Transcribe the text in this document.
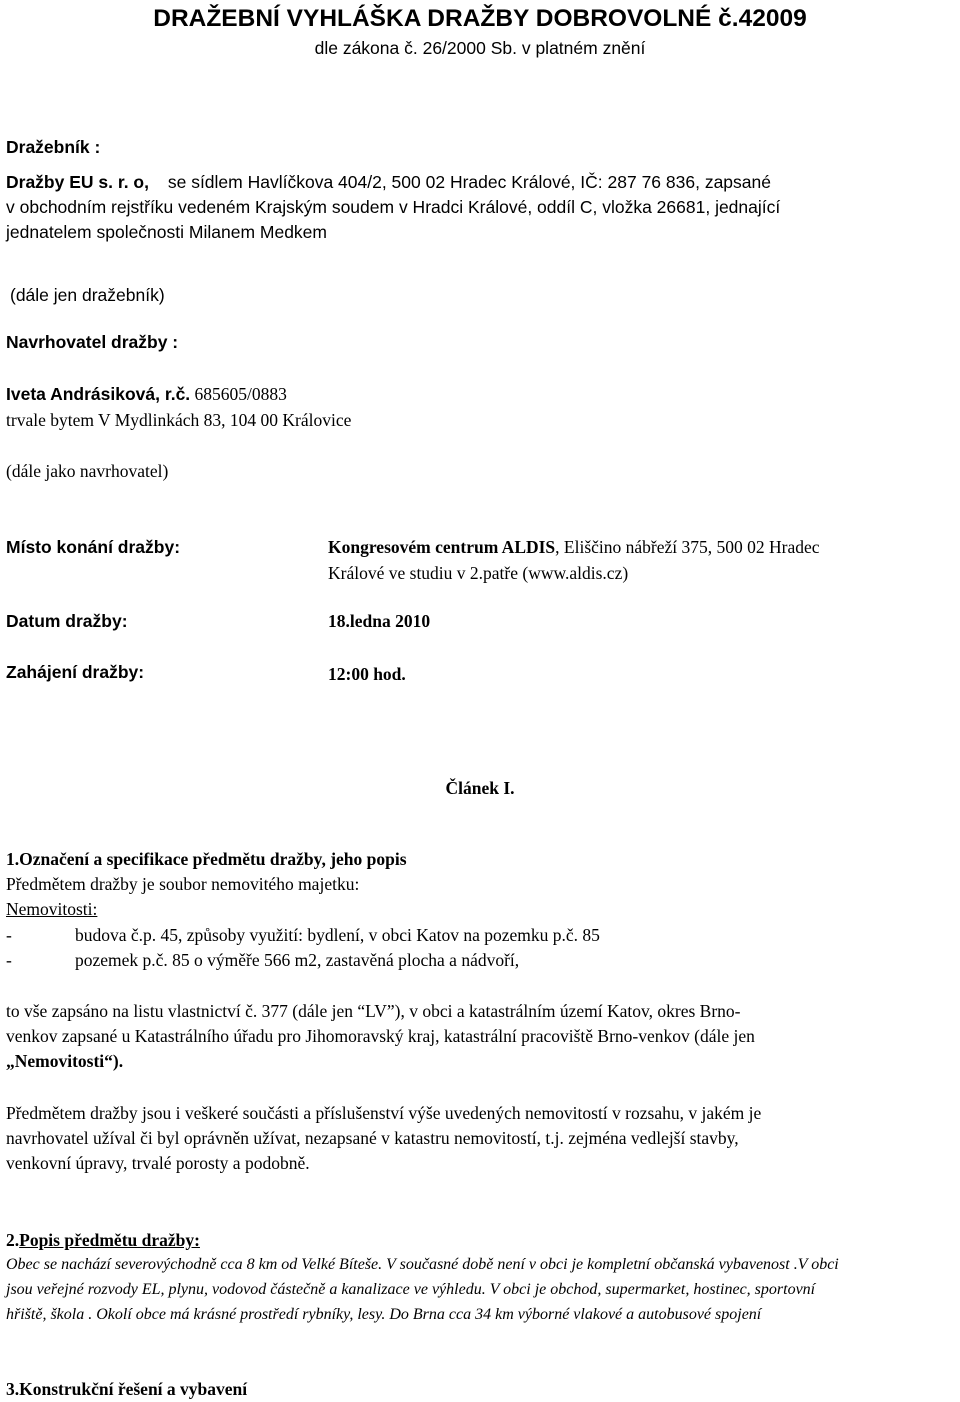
DRAŽEBNÍ VYHLÁŠKA DRAŽBY DOBROVOLNÉ č.42009
dle zákona č. 26/2000 Sb. v platném znění
Dražebník :
Dražby EU s. r. o, se sídlem Havlíčkova 404/2, 500 02 Hradec Králové, IČ: 287 76 836, zapsané
v obchodním rejstříku vedeném Krajským soudem v Hradci Králové, oddíl C, vložka 26681, jednající
jednatelem společnosti Milanem Medkem
(dále jen dražebník)
Navrhovatel dražby :
Iveta Andrásiková, r.č. 685605/0883
trvale bytem V Mydlinkách 83, 104 00 Královice
(dále jako navrhovatel)
Místo konání dražby:	Kongresovém centrum ALDIS, Eliščino nábřeží 375, 500 02 Hradec
Králové ve studiu v 2.patře (www.aldis.cz)
Datum dražby:	18.ledna 2010
Zahájení dražby:	12:00 hod.
Článek I.
1.Označení a specifikace předmětu dražby, jeho popis
Předmětem dražby je soubor nemovitého majetku:
Nemovitosti:
-	budova č.p. 45, způsoby využití: bydlení, v obci Katov na pozemku p.č. 85
-	pozemek p.č. 85 o výměře 566 m2, zastavěná plocha a nádvoří,
to vše zapsáno na listu vlastnictví č. 377 (dále jen “LV”), v obci a katastrálním území Katov, okres Brno-
venkov zapsané u Katastrálního úřadu pro Jihomoravský kraj, katastrální pracoviště Brno-venkov (dále jen
„Nemovitosti“).
Předmětem dražby jsou i veškeré součásti a příslušenství výše uvedených nemovitostí v rozsahu, v jakém je
navrhovatel užíval či byl oprávněn užívat, nezapsané v katastru nemovitostí, t.j. zejména vedlejší stavby,
venkovní úpravy, trvalé porosty a podobně.
2.Popis předmětu dražby:
Obec se nachází severovýchodně cca 8 km od Velké Bíteše. V současné době není v obci je kompletní občanská vybavenost .V obci
jsou veřejné rozvody EL, plynu, vodovod částečně a kanalizace ve výhledu. V obci je obchod, supermarket, hostinec, sportovní
hřiště, škola . Okolí obce má krásné prostředí rybníky, lesy. Do Brna cca 34 km výborné vlakové a autobusové spojení
3.Konstrukční řešení a vybavení
